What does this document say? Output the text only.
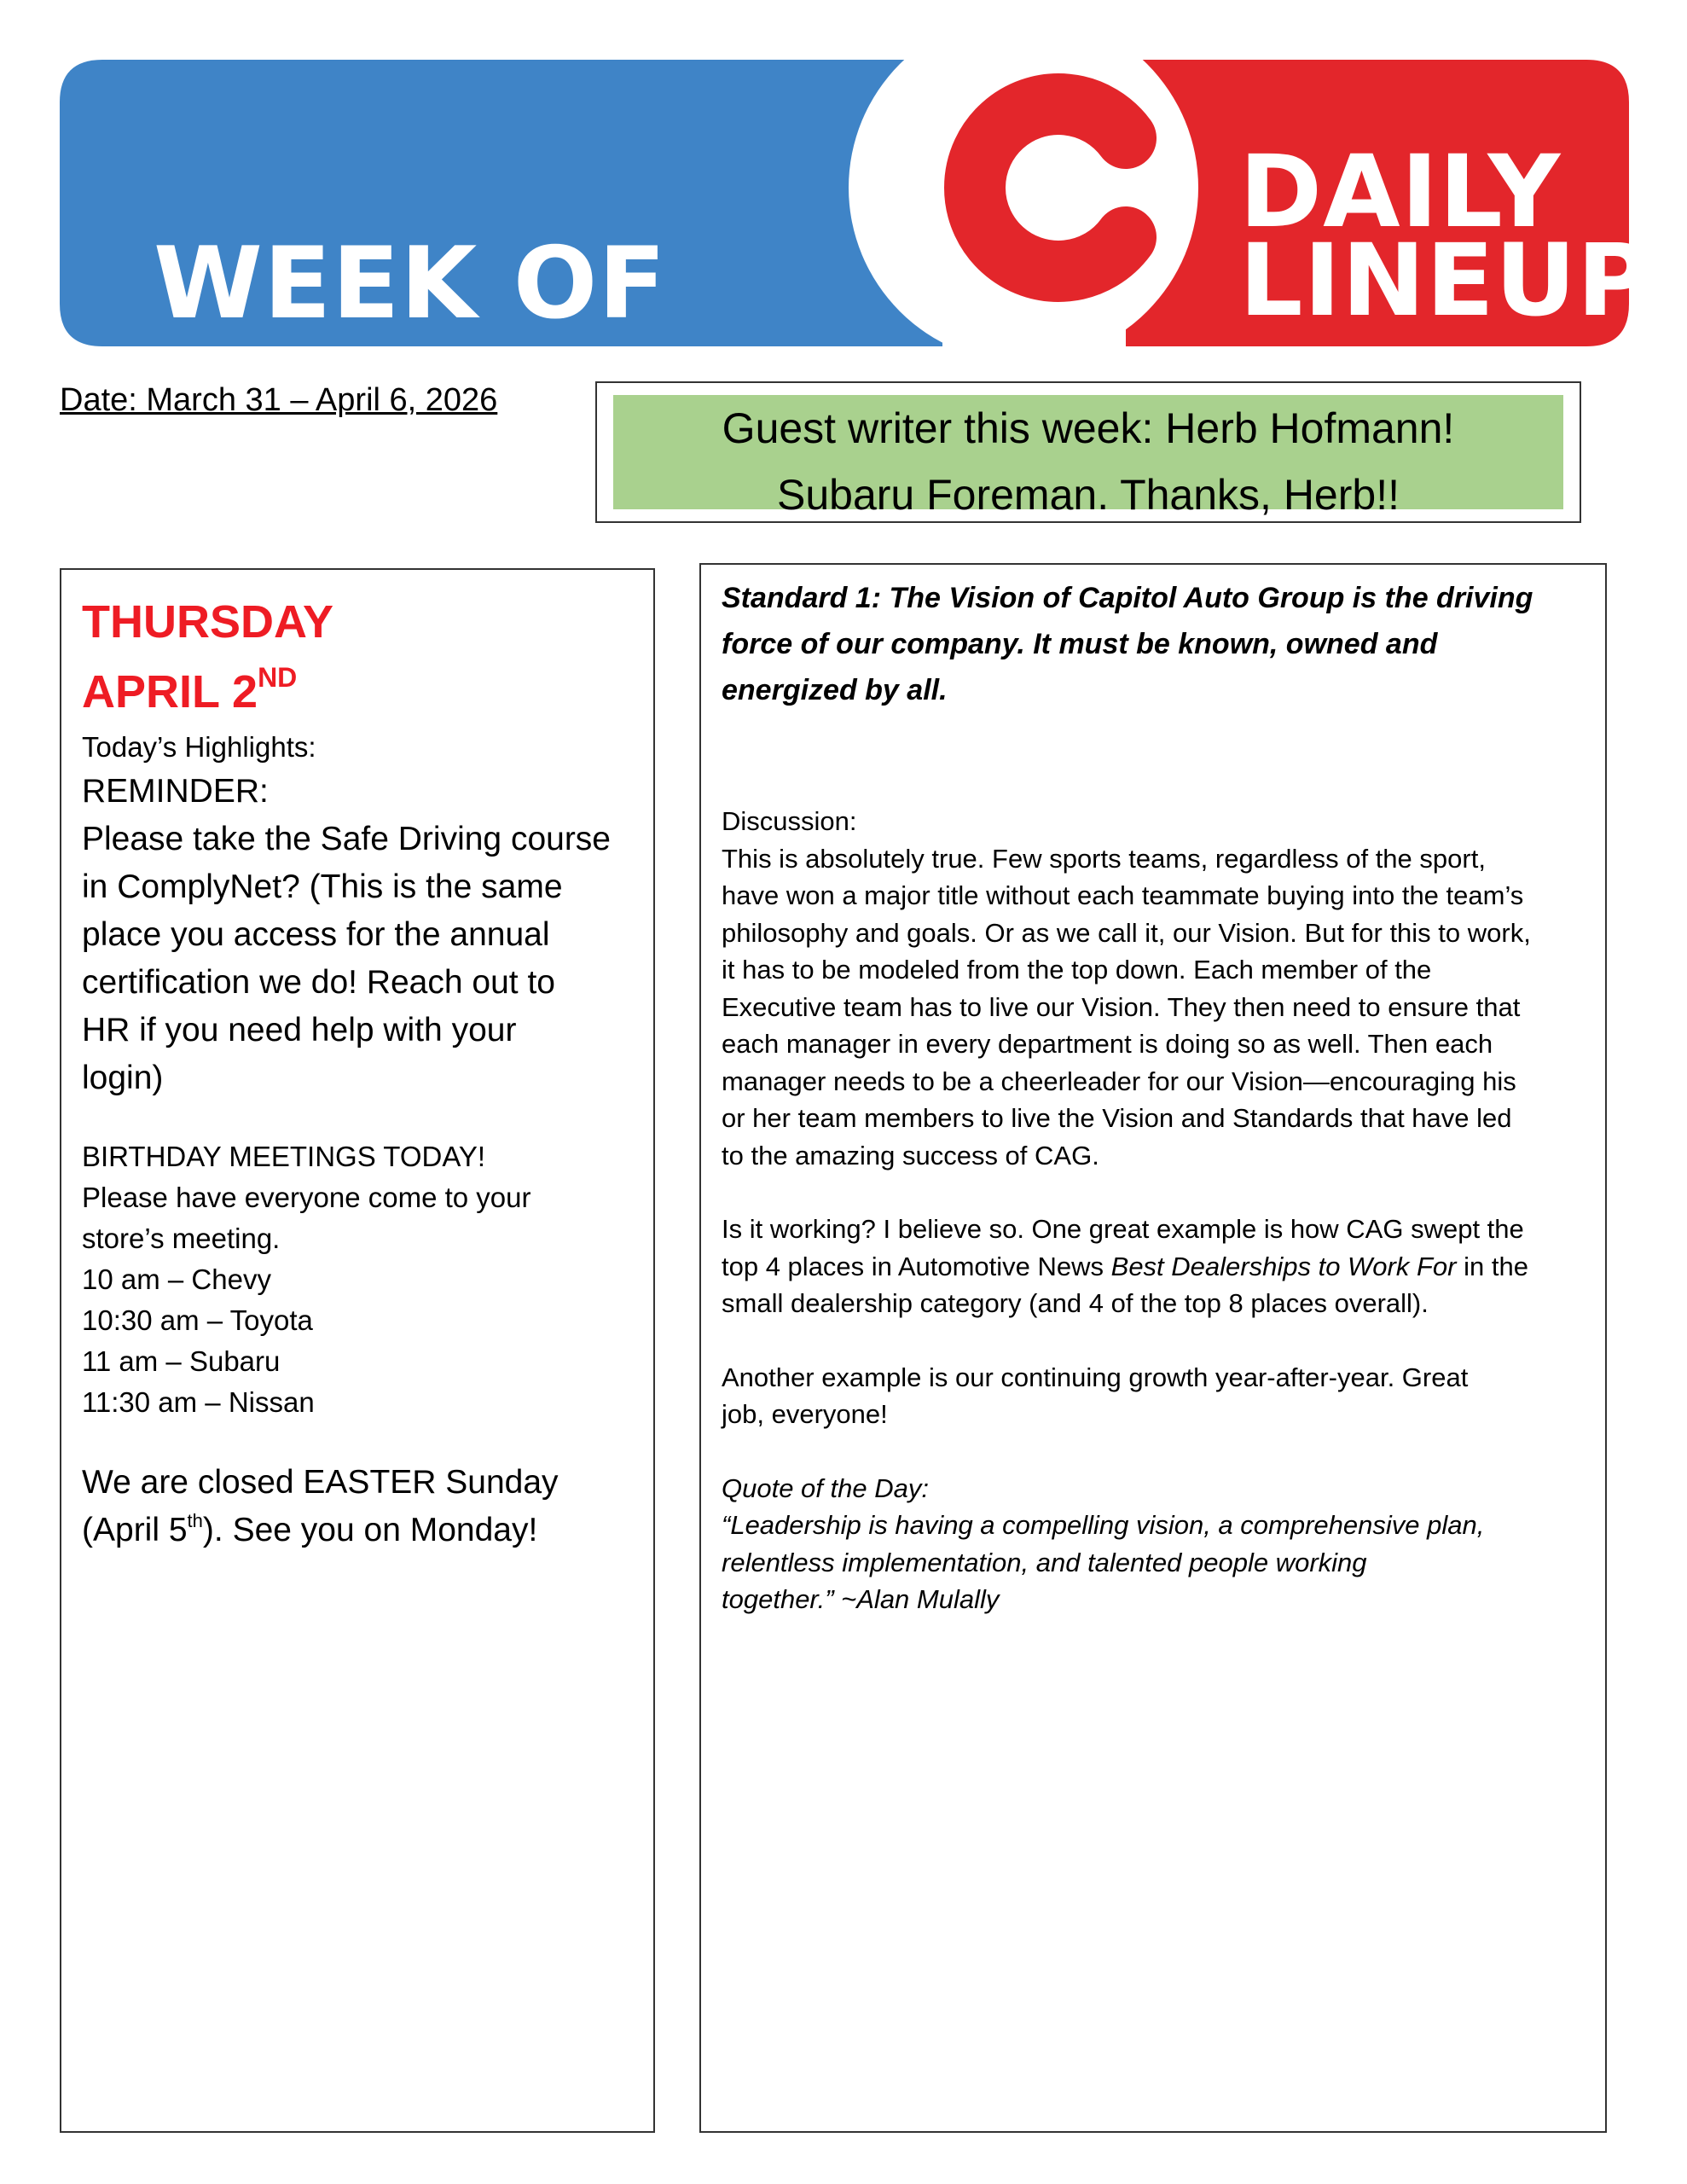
WEEK OF
DAILY
LINEUP
Date: March 31 – April 6, 2026
Guest writer this week: Herb Hofmann!
Subaru Foreman. Thanks, Herb!!
THURSDAY
APRIL 2ND
Today’s Highlights:
REMINDER:
Please take the Safe Driving course
in ComplyNet? (This is the same
place you access for the annual
certification we do! Reach out to
HR if you need help with your
login)
BIRTHDAY MEETINGS TODAY!
Please have everyone come to your
store’s meeting.
10 am – Chevy
10:30 am – Toyota
11 am – Subaru
11:30 am – Nissan
We are closed EASTER Sunday
(April 5th). See you on Monday!
Standard 1: The Vision of Capitol Auto Group is the driving
force of our company. It must be known, owned and
energized by all.
Discussion:
This is absolutely true. Few sports teams, regardless of the sport,
have won a major title without each teammate buying into the team’s
philosophy and goals. Or as we call it, our Vision. But for this to work,
it has to be modeled from the top down. Each member of the
Executive team has to live our Vision. They then need to ensure that
each manager in every department is doing so as well. Then each
manager needs to be a cheerleader for our Vision—encouraging his
or her team members to live the Vision and Standards that have led
to the amazing success of CAG.
Is it working? I believe so. One great example is how CAG swept the
top 4 places in Automotive News Best Dealerships to Work For in the
small dealership category (and 4 of the top 8 places overall).
Another example is our continuing growth year-after-year. Great
job, everyone!
Quote of the Day:
“Leadership is having a compelling vision, a comprehensive plan,
relentless implementation, and talented people working
together.” ~Alan Mulally
